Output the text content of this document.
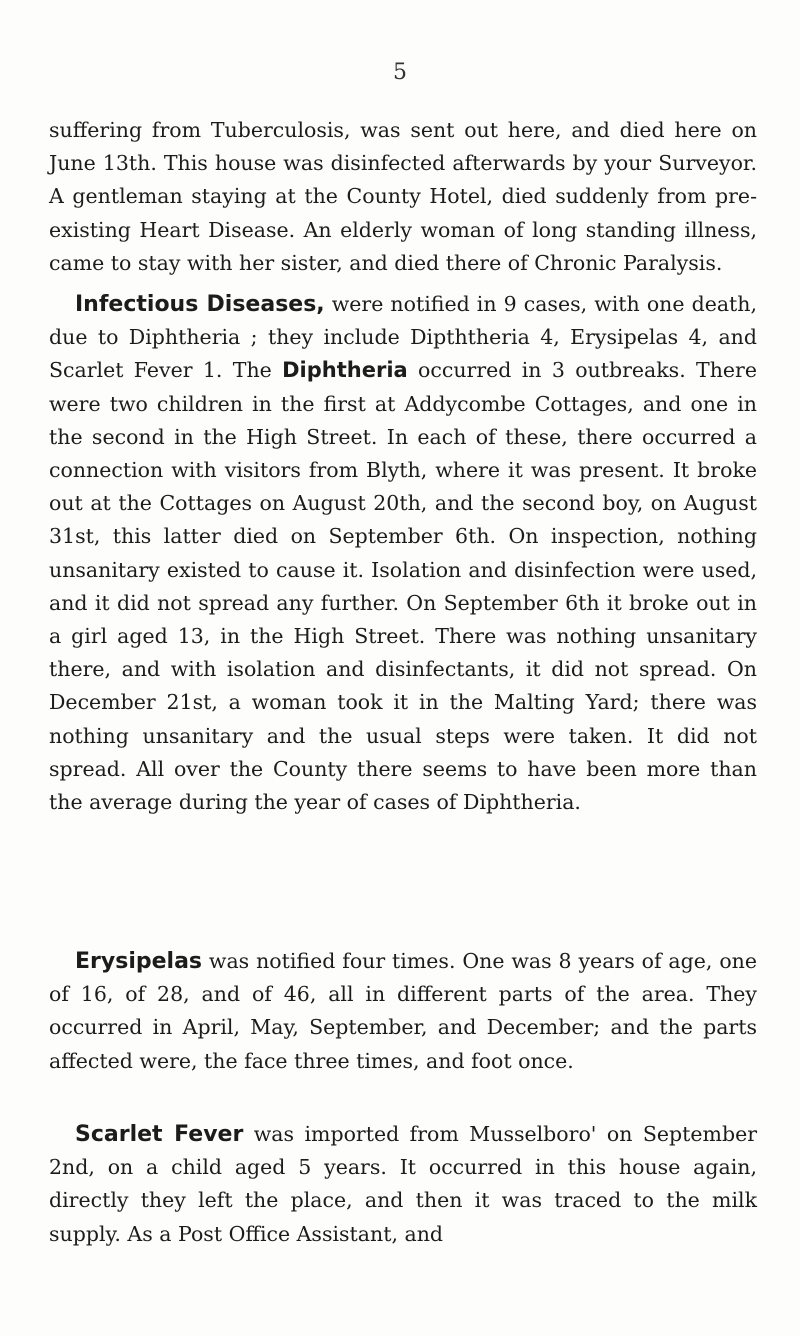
5

suffering from Tuberculosis, was sent out here, and died here on June 13th. This house was disinfected afterwards by your Surveyor. A gentleman staying at the County Hotel, died suddenly from pre-existing Heart Disease. An elderly woman of long standing illness, came to stay with her sister, and died there of Chronic Paralysis.

Infectious Diseases, were notified in 9 cases, with one death, due to Diphtheria ; they include Dipththeria 4, Erysipelas 4, and Scarlet Fever 1. The Diphtheria occurred in 3 outbreaks. There were two children in the first at Addycombe Cottages, and one in the second in the High Street. In each of these, there occurred a connection with visitors from Blyth, where it was present. It broke out at the Cottages on August 20th, and the second boy, on August 31st, this latter died on September 6th. On inspection, nothing unsanitary existed to cause it. Isolation and disinfection were used, and it did not spread any further. On September 6th it broke out in a girl aged 13, in the High Street. There was nothing unsanitary there, and with isolation and disinfectants, it did not spread. On December 21st, a woman took it in the Malting Yard; there was nothing unsanitary and the usual steps were taken. It did not spread. All over the County there seems to have been more than the average during the year of cases of Diphtheria.

Erysipelas was notified four times. One was 8 years of age, one of 16, of 28, and of 46, all in different parts of the area. They occurred in April, May, September, and December; and the parts affected were, the face three times, and foot once.

Scarlet Fever was imported from Musselboro' on September 2nd, on a child aged 5 years. It occurred in this house again, directly they left the place, and then it was traced to the milk supply. As a Post Office Assistant, and
